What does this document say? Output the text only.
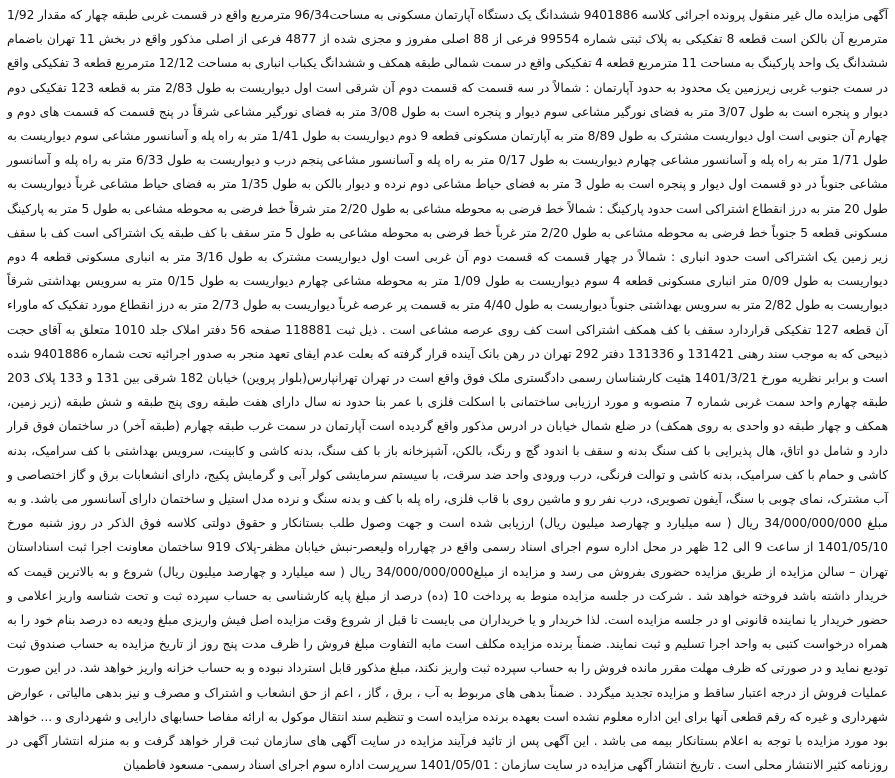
آگهی مزایده مال غیر منقول پرونده اجرائی کلاسه 9401886 ششدانگ یک دستگاه آپارتمان مسکونی به مساحت96/34 مترمربع واقع در قسمت غربی طبقه چهار که مقدار 1/92 مترمربع آن بالکن است قطعه 8 تفکیکی به پلاک ثبتی شماره 99554 فرعی از 88 اصلی مفروز و مجزی شده از 4877 فرعی از اصلی مذکور واقع در بخش 11 تهران باضمام ششدانگ یک واحد پارکینگ به مساحت 11 مترمربع قطعه 4 تفکیکی واقع در سمت شمالی طبقه همکف و ششدانگ یکباب انباری به مساحت 12/12 مترمربع قطعه 3 تفکیکی واقع در سمت جنوب غربی زیرزمین یک محدود به حدود آپارتمان : شمالاً در سه قسمت که قسمت دوم آن شرقی است اول دیواریست به طول 2/83 متر به قطعه 123 تفکیکی دوم دیوار و پنجره است به طول 3/07 متر به فضای نورگیر مشاعی سوم دیوار و پنجره است به طول 3/08 متر به فضای نورگیر مشاعی شرقاً در پنج قسمت که قسمت های دوم و چهارم آن جنوبی است اول دیواریست مشترک به طول 8/89 متر به آپارتمان مسکونی قطعه 9 دوم دیواریست به طول 1/41 متر به راه پله و آسانسور مشاعی سوم دیواریست به طول 1/71 متر به راه پله و آسانسور مشاعی چهارم دیواریست به طول 0/17 متر به راه پله و آسانسور مشاعی پنجم درب و دیواریست به طول 6/33 متر به راه پله و آسانسور مشاعی جنوباً در دو قسمت اول دیوار و پنجره است به طول 3 متر به فضای حیاط مشاعی دوم نرده و دیوار بالکن به طول 1/35 متر به فضای حیاط مشاعی غرباً دیواریست به طول 20 متر به درز انقطاع اشتراکی است حدود پارکینگ : شمالاً خط فرضی به محوطه مشاعی به طول 2/20 متر شرقاً خط فرضی به محوطه مشاعی به طول 5 متر به پارکینگ مسکونی قطعه 5 جنوباً خط فرضی به محوطه مشاعی به طول 2/20 متر غرباً خط فرضی به محوطه مشاعی به طول 5 متر سقف با کف طبقه یک اشتراکی است کف با سقف زیر زمین یک اشتراکی است حدود انباری : شمالاً در چهار قسمت که قسمت دوم آن غربی است اول دیواریست مشترک به طول 3/16 متر به انباری مسکونی قطعه 4 دوم دیواریست به طول 0/09 متر انباری مسکونی قطعه 4 سوم دیواریست به طول 1/09 متر به محوطه مشاعی چهارم دیواریست به طول 0/15 متر به سرویس بهداشتی شرقاً دیواریست به طول 2/82 متر به سرویس بهداشتی جنوباً دیواریست به طول 4/40 متر به قسمت پر عرصه غرباً دیواریست به طول 2/73 متر به درز انقطاع مورد تفکیک که ماوراء آن قطعه 127 تفکیکی قراردارد سقف با کف همکف اشتراکی است کف روی عرصه مشاعی است . ذیل ثبت 118881 صفحه 56 دفتر املاک جلد 1010 متعلق به آقای حجت ذبیحی که به موجب سند رهنی 131421 و 131336 دفتر 292 تهران در رهن بانک آینده قرار گرفته که بعلت عدم ایفای تعهد منجر به صدور اجرائیه تحت شماره 9401886 شده است و برابر نظریه مورخ 1401/3/21 هئیت کارشناسان رسمی دادگستری ملک فوق واقع است در تهران تهرانپارس(بلوار پروین) خیابان 182 شرقی بین 131 و 133 پلاک 203 طبقه چهارم واحد سمت غربی شماره 7 منصوبه و مورد ارزیابی ساختمانی با اسکلت فلزی با عمر بنا حدود نه سال دارای هفت طبقه روی پنج طبقه و شش طبقه (زیر زمین، همکف و چهار طبقه دو واحدی به روی همکف) در ضلع شمال خیابان در ادرس مذکور واقع گردیده است آپارتمان در سمت غرب طبقه چهارم (طبقه آخر) در ساختمان فوق قرار دارد و شامل دو اتاق، هال پذیرایی با کف سنگ بدنه و سقف با اندود گچ و رنگ، بالکن، آشپزخانه باز با کف سنگ، بدنه کاشی و کابینت، سرویس بهداشتی با کف سرامیک، بدنه کاشی و حمام با کف سرامیک، بدنه کاشی و توالت فرنگی، درب ورودی واحد ضد سرقت، با سیستم سرمایشی کولر آبی و گرمایش پکیج، دارای انشعابات برق و گاز اختصاصی و آب مشترک، نمای چوبی با سنگ، آیفون تصویری، درب نفر رو و ماشین روی با قاب فلزی، راه پله با کف و بدنه سنگ و نرده مدل استیل و ساختمان دارای آسانسور می باشد. و به مبلغ 34/000/000/000 ریال ( سه میلیارد و چهارصد میلیون ریال) ارزیابی شده است و جهت وصول طلب بستانکار و حقوق دولتی کلاسه فوق الذکر در روز شنبه مورخ 1401/05/10 از ساعت 9 الی 12 ظهر در محل اداره سوم اجرای اسناد رسمی واقع در چهارراه ولیعصر-نبش خیابان مظفر-پلاک 919 ساختمان معاونت اجرا ثبت اسناداستان تهران – سالن مزایده از طریق مزایده حضوری بفروش می رسد و مزایده از مبلغ34/000/000/000 ریال ( سه میلیارد و چهارصد میلیون ریال) شروع و به بالاترین قیمت که خریدار داشته باشد فروخته خواهد شد . شرکت در جلسه مزایده منوط به پرداخت 10 (ده) درصد از مبلغ پایه کارشناسی به حساب سپرده ثبت و تحت شناسه واریز اعلامی و حضور خریدار یا نماینده قانونی او در جلسه مزایده است. لذا خریدار و یا خریداران می بایست تا قبل از شروع وقت مزایده اصل فیش واریزی مبلغ ودیعه ده درصد بنام خود را به همراه درخواست کتبی به واحد اجرا تسلیم و ثبت نمایند. ضمناً برنده مزایده مکلف است مابه التفاوت مبلغ فروش را ظرف مدت پنج روز از تاریخ مزایده به حساب صندوق ثبت تودیع نماید و در صورتی که ظرف مهلت مقرر مانده فروش را به حساب سپرده ثبت واریز نکند، مبلغ مذکور قابل استرداد نبوده و به حساب خزانه واریز خواهد شد. در این صورت عملیات فروش از درجه اعتبار ساقط و مزایده تجدید میگردد . ضمناً بدهی های مربوط به آب ، برق ، گاز ، اعم از حق انشعاب و اشتراک و مصرف و نیز بدهی مالیاتی ، عوارض شهرداری و غیره که رقم قطعی آنها برای این اداره معلوم نشده است بعهده برنده مزایده است و تنظیم سند انتقال موکول به ارائه مفاصا حسابهای دارایی و شهرداری و ... خواهد بود مورد مزایده با توجه به اعلام بستانکار بیمه می باشد . این آگهی پس از تائید فرآیند مزایده در سایت آگهی های سازمان ثبت قرار خواهد گرفت و به منزله انتشار آگهی در روزنامه کثیر الانتشار محلی است . تاریخ انتشار آگهی مزایده در سایت سازمان : 1401/05/01 سرپرست اداره سوم اجرای اسناد رسمی- مسعود فاطمیان
